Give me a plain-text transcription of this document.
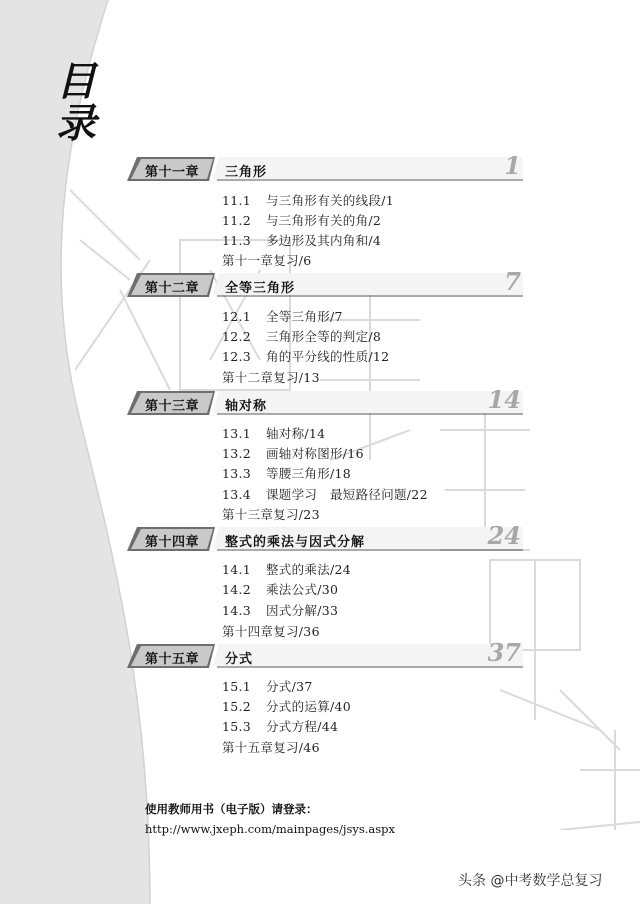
目
录
第十一章 三角形	1
11.1 与三角形有关的线段/1
11.2 与三角形有关的角/2
11.3 多边形及其内角和/4
第十一章复习/6
第十二章 全等三角形	7
12.1 全等三角形/7
12.2 三角形全等的判定/8
12.3 角的平分线的性质/12
第十二章复习/13
第十三章 轴对称	14
13.1 轴对称/14
13.2 画轴对称图形/16
13.3 等腰三角形/18
13.4 课题学习　最短路径问题/22
第十三章复习/23
第十四章 整式的乘法与因式分解	24
14.1 整式的乘法/24
14.2 乘法公式/30
14.3 因式分解/33
第十四章复习/36
第十五章 分式	37
15.1 分式/37
15.2 分式的运算/40
15.3 分式方程/44
第十五章复习/46
使用教师用书（电子版）请登录：
http://www.jxeph.com/mainpages/jsys.aspx
头条 @中考数学总复习
